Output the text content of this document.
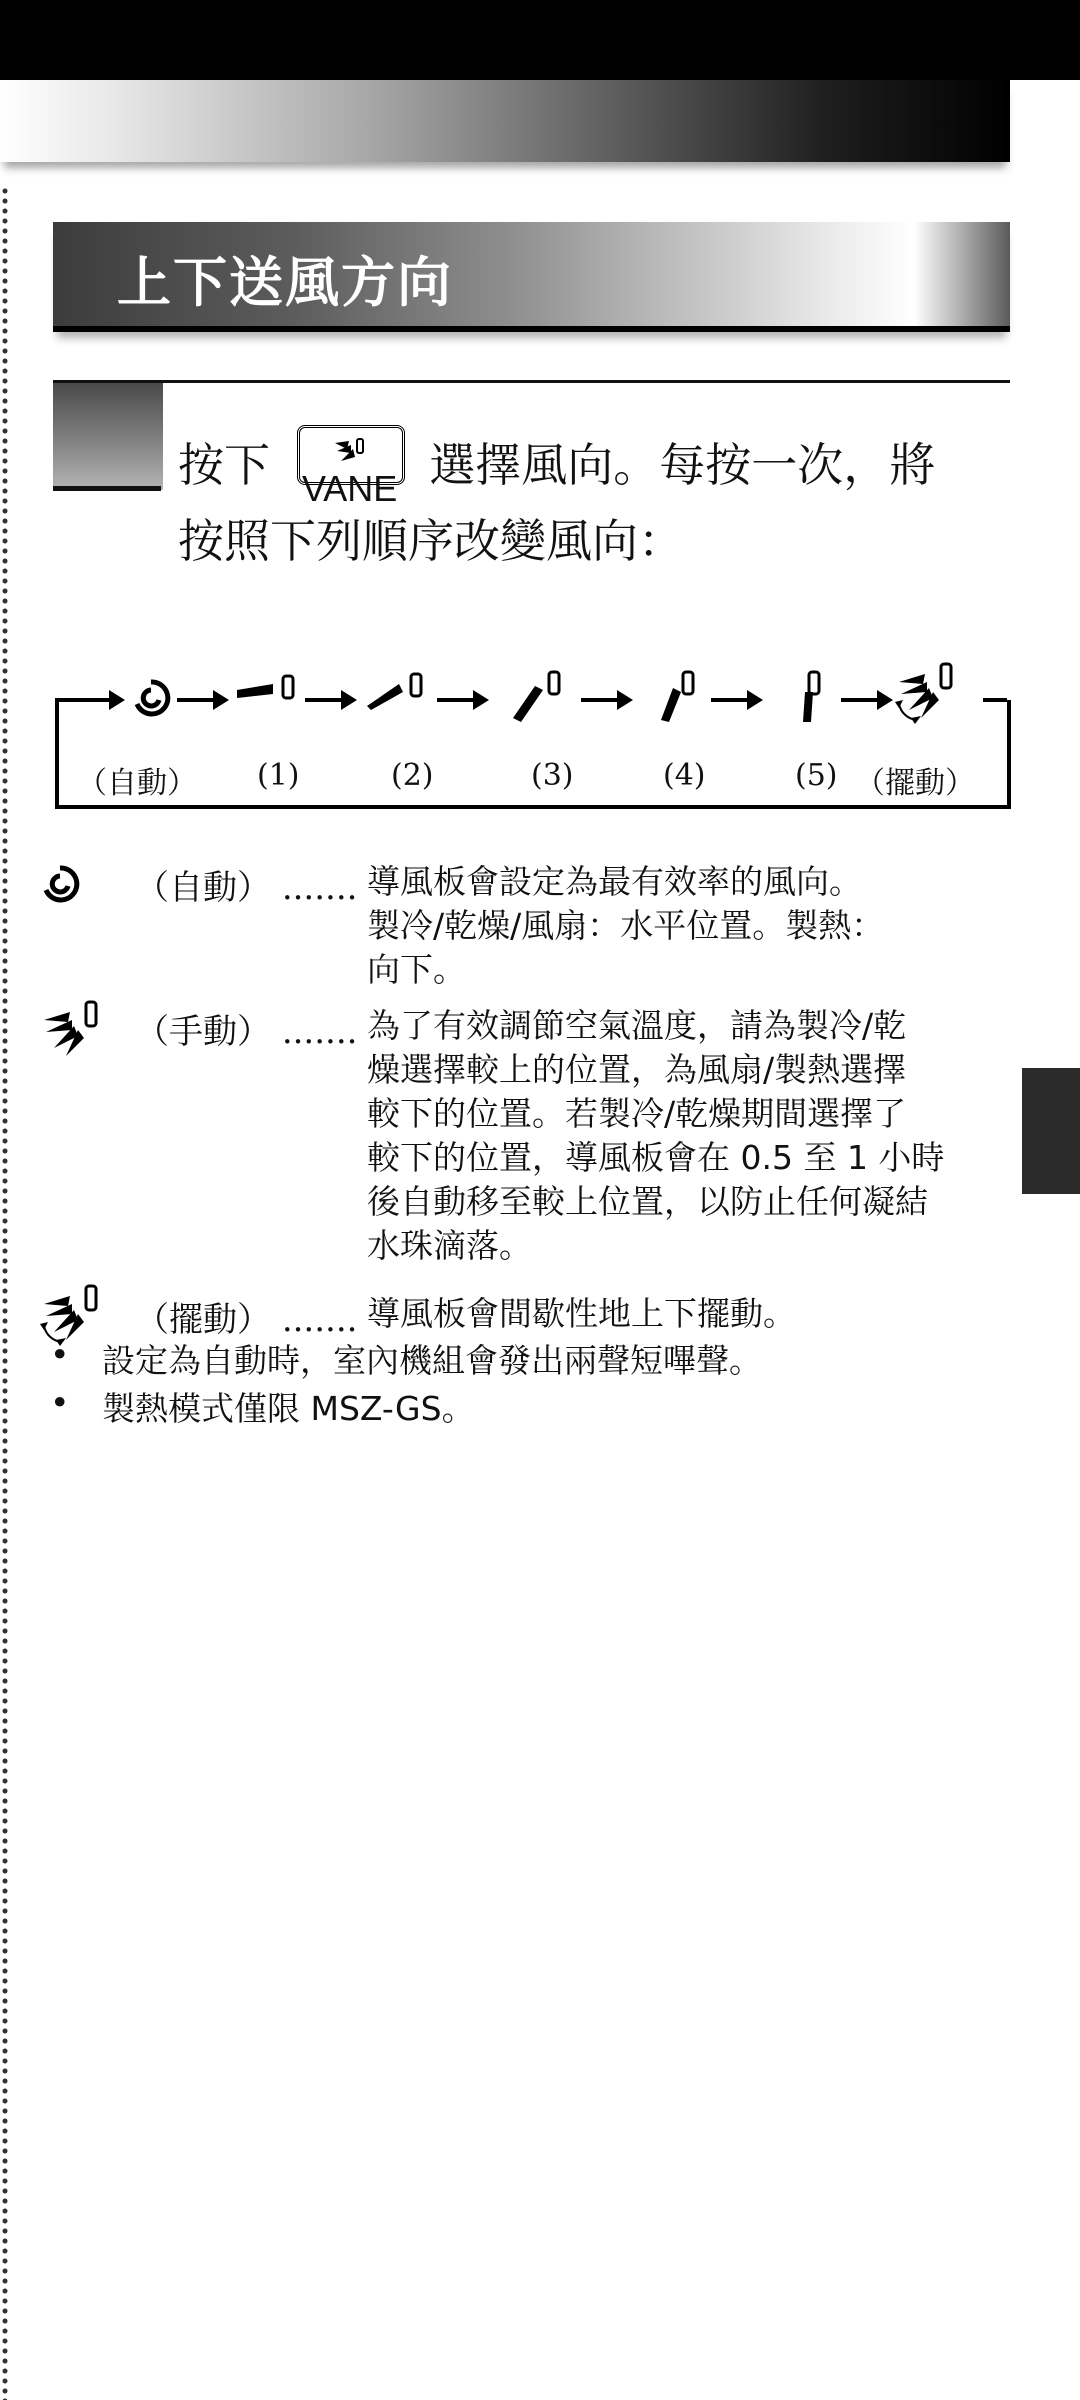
上下送風方向
按下 VANE 選擇風向。每按一次，將
按照下列順序改變風向：
（自動） (1)	(2)	(3)	(4)	(5) （擺動）
（自動） ....... 導風板會設定為最有效率的風向。
製冷/乾燥/風扇：水平位置。製熱：
向下。
（手動） ....... 為了有效調節空氣溫度，請為製冷/乾
燥選擇較上的位置，為風扇/製熱選擇
較下的位置。若製冷/乾燥期間選擇了
較下的位置，導風板會在 0.5 至 1 小時
後自動移至較上位置，以防止任何凝結
水珠滴落。
（擺動） ....... 導風板會間歇性地上下擺動。
• 設定為自動時，室內機組會發出兩聲短嗶聲。
• 製熱模式僅限 MSZ-GS。
